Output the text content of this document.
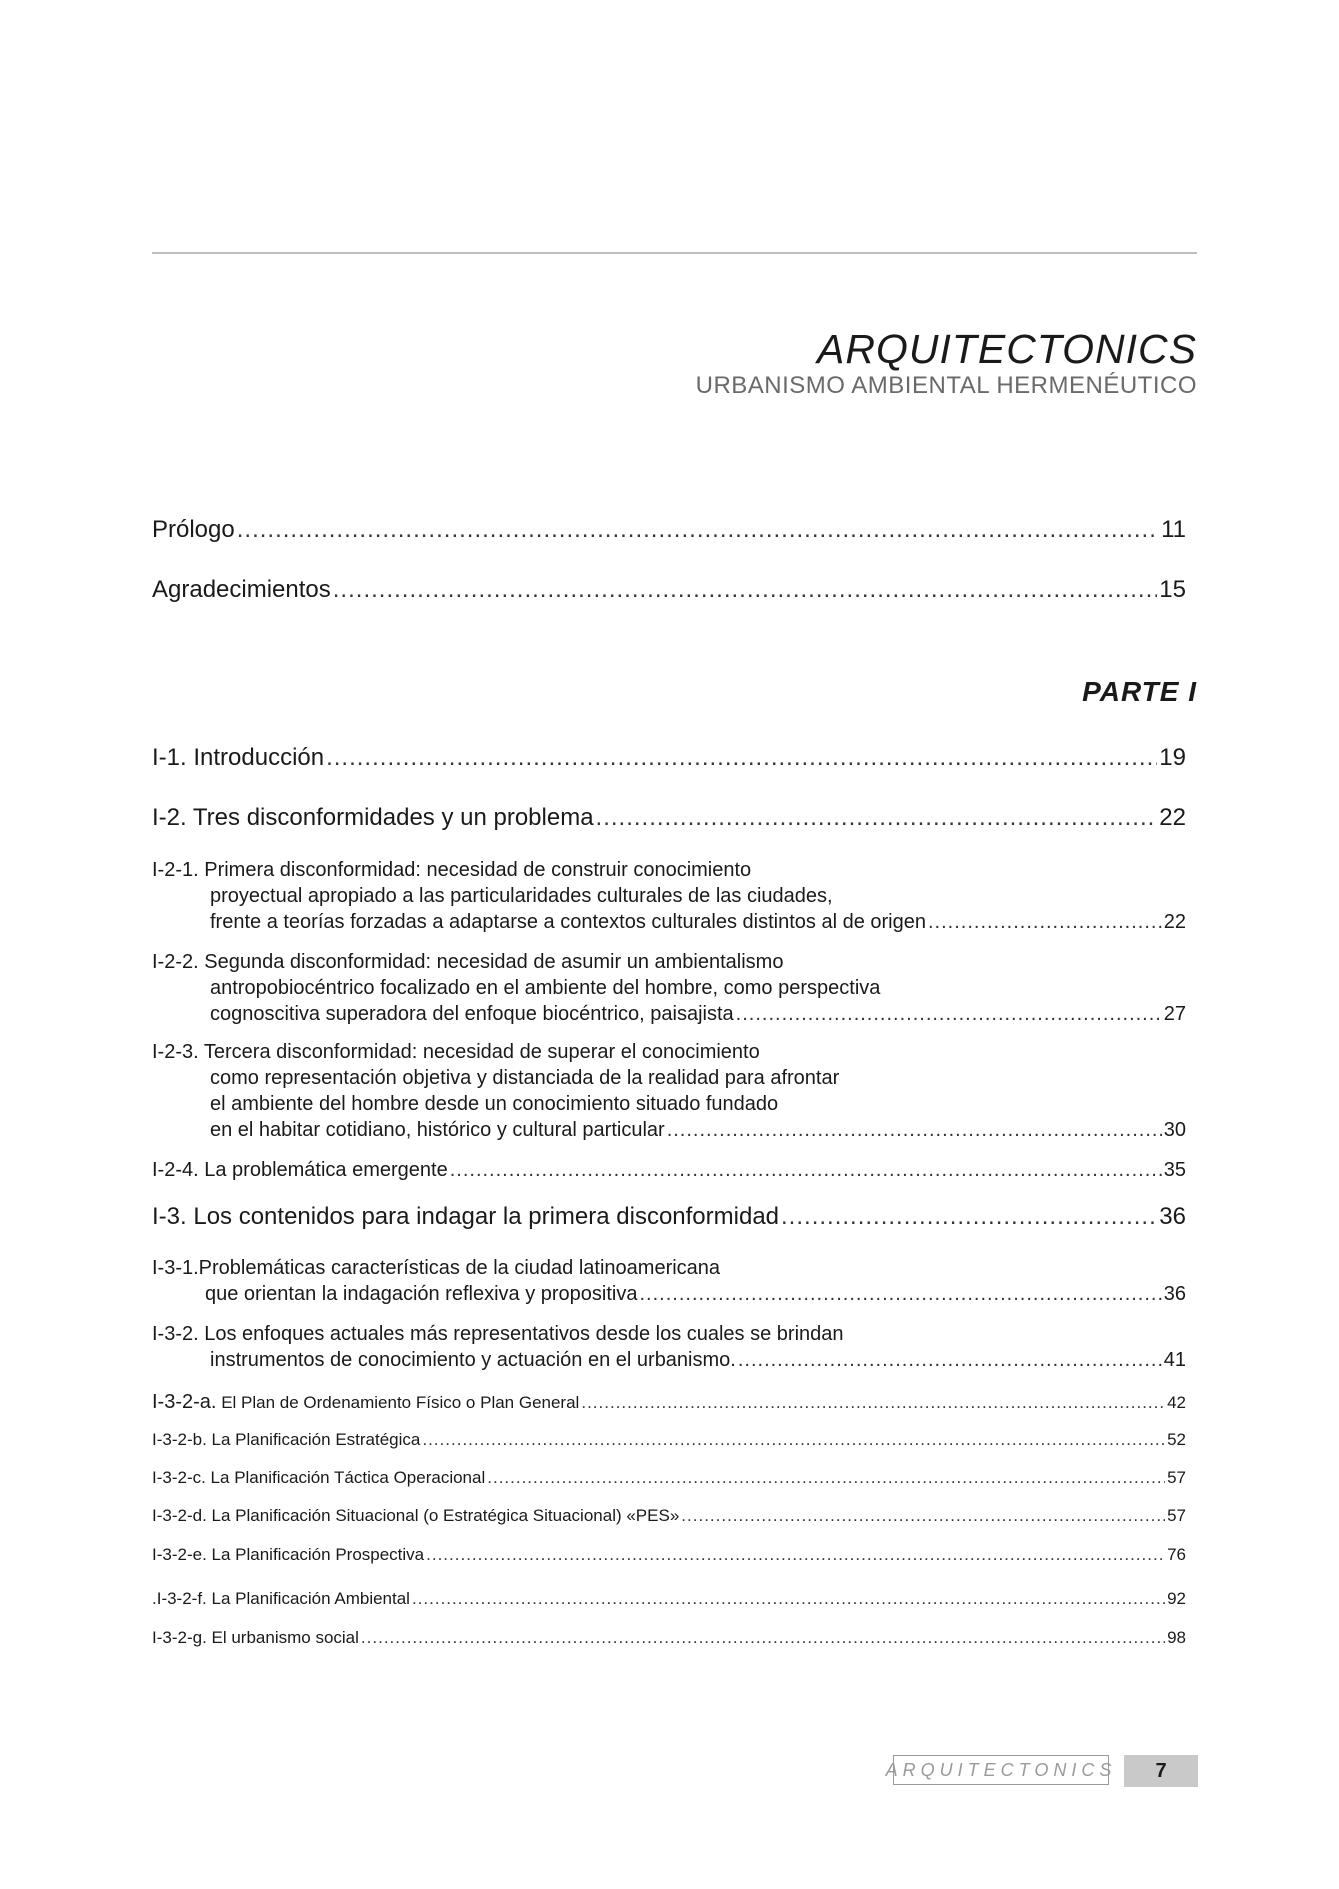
ARQUITECTONICS
URBANISMO AMBIENTAL HERMENÉUTICO
Prólogo .....	11
Agradecimientos .....	15
PARTE I
I-1. Introducción .....	19
I-2. Tres disconformidades y un problema .....	22
I-2-1. Primera disconformidad: necesidad de construir conocimiento
proyectual apropiado a las particularidades culturales de las ciudades,
frente a teorías forzadas a adaptarse a contextos culturales distintos al de origen .....	22
I-2-2. Segunda disconformidad: necesidad de asumir un ambientalismo
antropobiocéntrico focalizado en el ambiente del hombre, como perspectiva
cognoscitiva superadora del enfoque biocéntrico, paisajista .....	27
I-2-3. Tercera disconformidad: necesidad de superar el conocimiento
como representación objetiva y distanciada de la realidad para afrontar
el ambiente del hombre desde un conocimiento situado fundado
en el habitar cotidiano, histórico y cultural particular .....	30
I-2-4. La problemática emergente .....	35
I-3. Los contenidos para indagar la primera disconformidad .....	36
I-3-1.Problemáticas características de la ciudad latinoamericana
que orientan la indagación reflexiva y propositiva .....	36
I-3-2. Los enfoques actuales más representativos desde los cuales se brindan
instrumentos de conocimiento y actuación en el urbanismo. .....	41
I-3-2-a. El Plan de Ordenamiento Físico o Plan General .....	42
I-3-2-b. La Planificación Estratégica .....	52
I-3-2-c. La Planificación Táctica Operacional .....	57
I-3-2-d. La Planificación Situacional (o Estratégica Situacional) «PES» .....	57
I-3-2-e. La Planificación Prospectiva .....	76
.I-3-2-f. La Planificación Ambiental .....	92
I-3-2-g. El urbanismo social .....	98
ARQUITECTONICS	7
